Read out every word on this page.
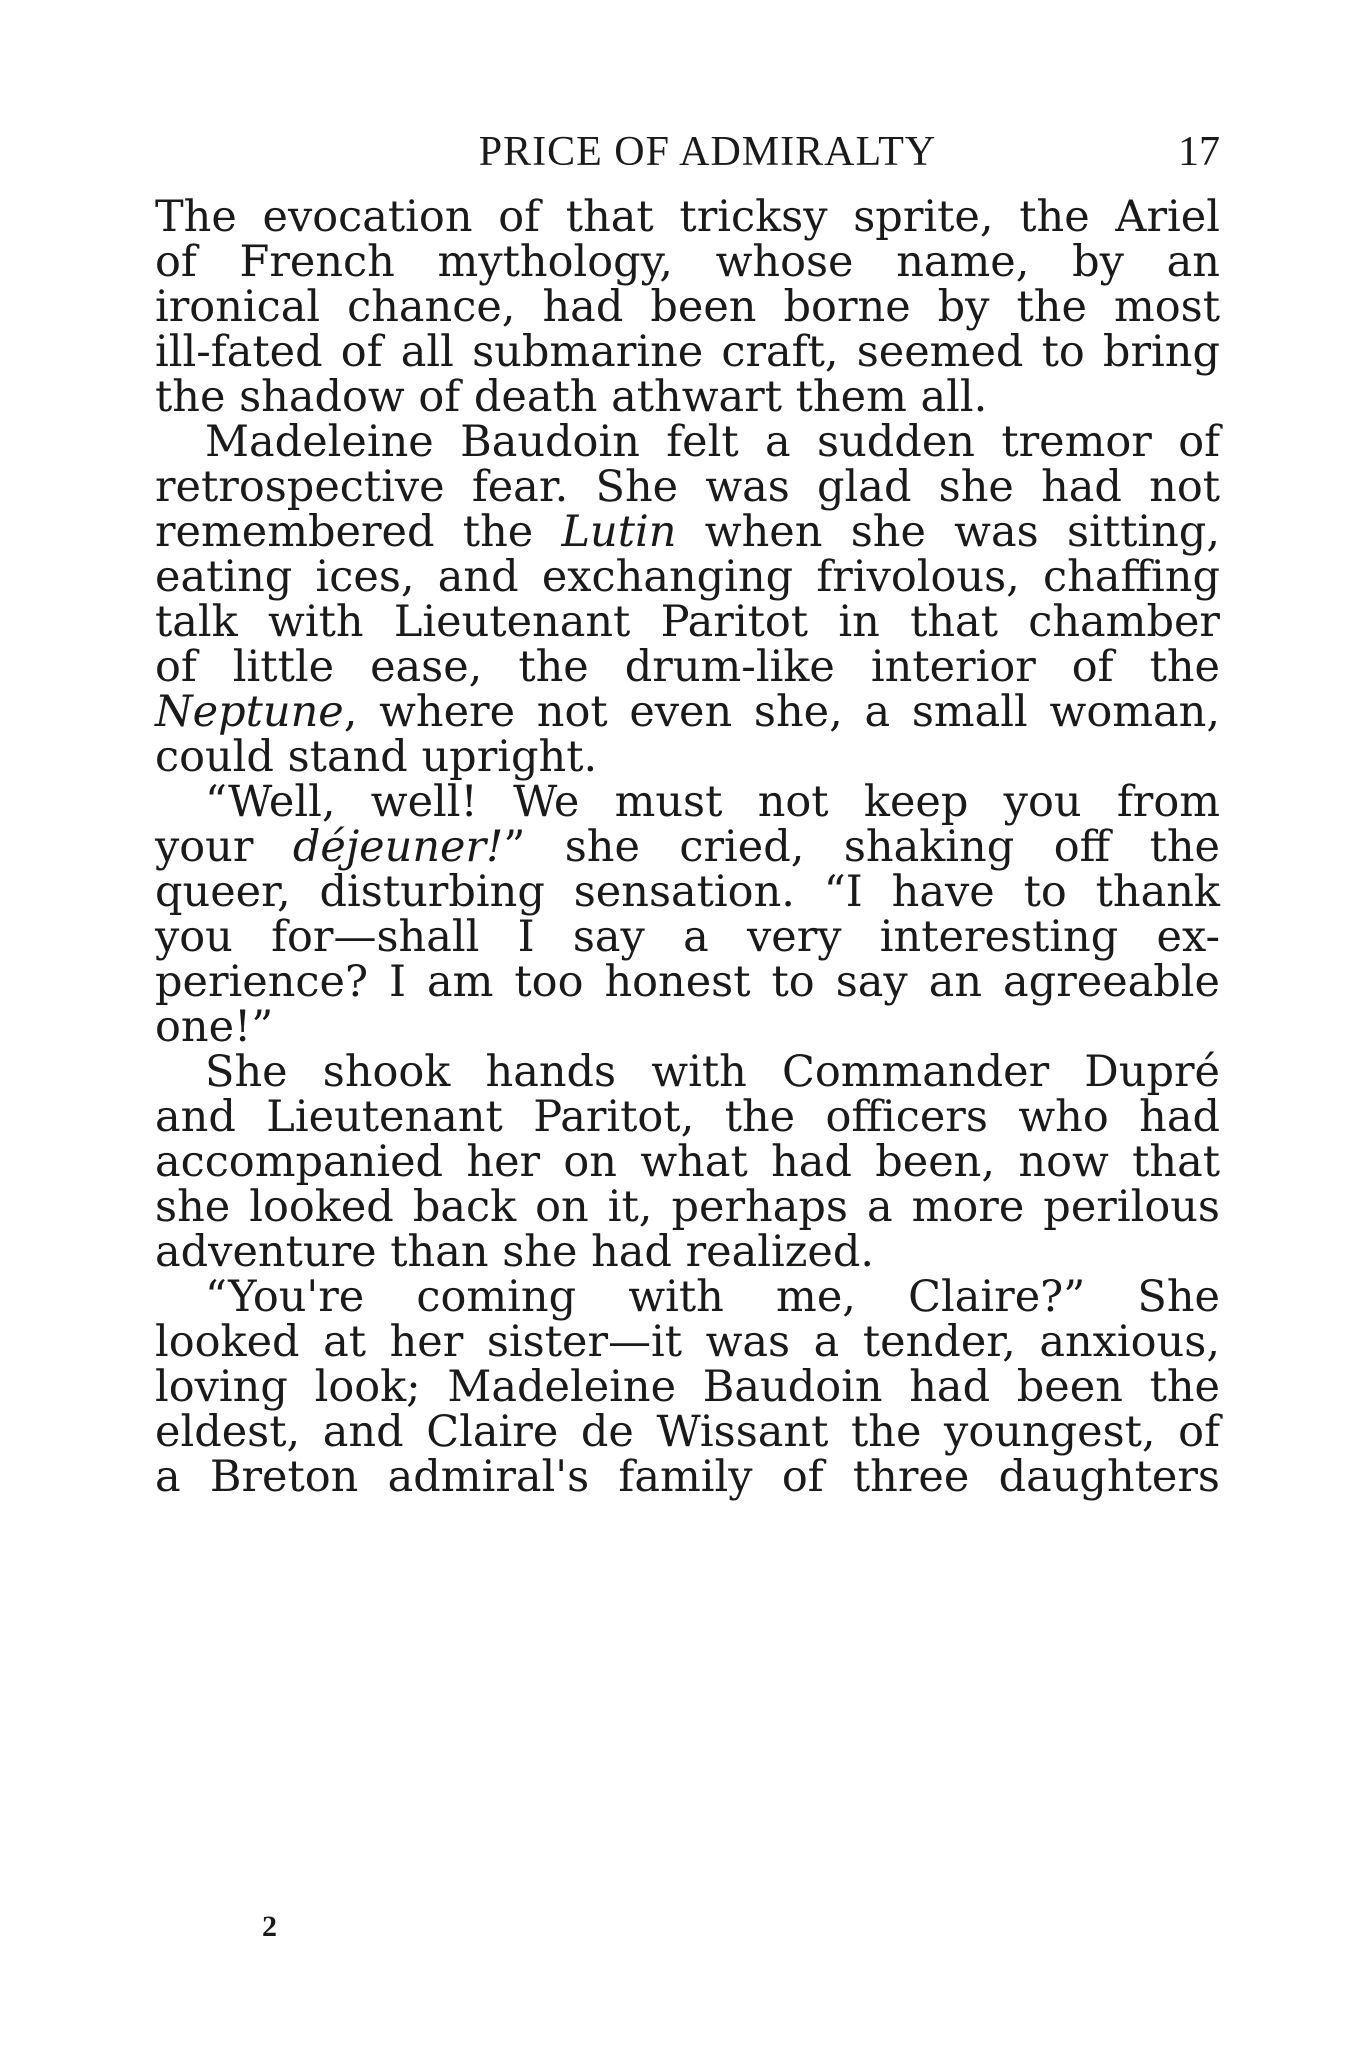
PRICE OF ADMIRALTY	17
The evocation of that tricksy sprite, the Ariel
of French mythology, whose name, by an
ironical chance, had been borne by the most
ill-fated of all submarine craft, seemed to bring
the shadow of death athwart them all.
Madeleine Baudoin felt a sudden tremor of
retrospective fear. She was glad she had not
remembered the Lutin when she was sitting,
eating ices, and exchanging frivolous, chaffing
talk with Lieutenant Paritot in that chamber
of little ease, the drum-like interior of the
Neptune, where not even she, a small woman,
could stand upright.
“Well, well! We must not keep you from
your déjeuner!” she cried, shaking off the
queer, disturbing sensation. “I have to thank
you for—shall I say a very interesting ex-
perience? I am too honest to say an agreeable
one!”
She shook hands with Commander Dupré
and Lieutenant Paritot, the officers who had
accompanied her on what had been, now that
she looked back on it, perhaps a more perilous
adventure than she had realized.
“You're coming with me, Claire?” She
looked at her sister—it was a tender, anxious,
loving look; Madeleine Baudoin had been the
eldest, and Claire de Wissant the youngest, of
a Breton admiral's family of three daughters
2
